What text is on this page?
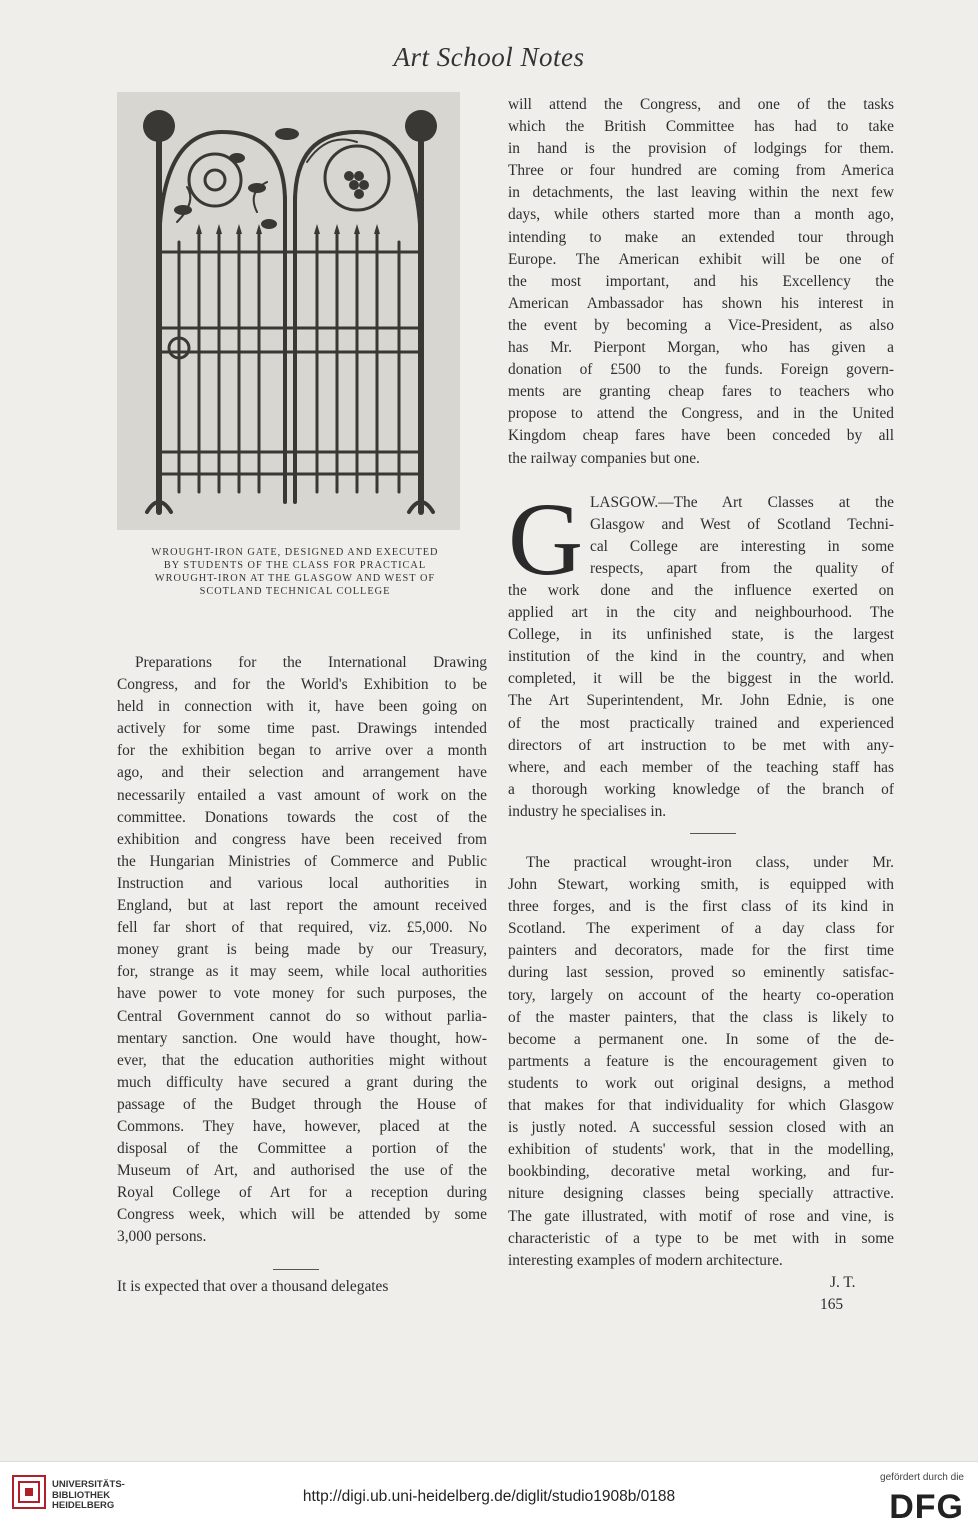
Art School Notes
WROUGHT-IRON GATE, DESIGNED AND EXECUTED
BY STUDENTS OF THE CLASS FOR PRACTICAL
WROUGHT-IRON AT THE GLASGOW AND WEST OF
SCOTLAND TECHNICAL COLLEGE
Preparations for the International Drawing
Congress, and for the World's Exhibition to be
held in connection with it, have been going on
actively for some time past. Drawings intended
for the exhibition began to arrive over a month
ago, and their selection and arrangement have
necessarily entailed a vast amount of work on the
committee. Donations towards the cost of the
exhibition and congress have been received from
the Hungarian Ministries of Commerce and Public
Instruction and various local authorities in
England, but at last report the amount received
fell far short of that required, viz. £5,000. No
money grant is being made by our Treasury,
for, strange as it may seem, while local authorities
have power to vote money for such purposes, the
Central Government cannot do so without parlia-
mentary sanction. One would have thought, how-
ever, that the education authorities might without
much difficulty have secured a grant during the
passage of the Budget through the House of
Commons. They have, however, placed at the
disposal of the Committee a portion of the
Museum of Art, and authorised the use of the
Royal College of Art for a reception during
Congress week, which will be attended by some
3,000 persons.
It is expected that over a thousand delegates
will attend the Congress, and one of the tasks
which the British Committee has had to take
in hand is the provision of lodgings for them.
Three or four hundred are coming from America
in detachments, the last leaving within the next few
days, while others started more than a month ago,
intending to make an extended tour through
Europe. The American exhibit will be one of
the most important, and his Excellency the
American Ambassador has shown his interest in
the event by becoming a Vice-President, as also
has Mr. Pierpont Morgan, who has given a
donation of £500 to the funds. Foreign govern-
ments are granting cheap fares to teachers who
propose to attend the Congress, and in the United
Kingdom cheap fares have been conceded by all
the railway companies but one.
G LASGOW.—The Art Classes at the
Glasgow and West of Scotland Techni-
cal College are interesting in some
respects, apart from the quality of
the work done and the influence exerted on
applied art in the city and neighbourhood. The
College, in its unfinished state, is the largest
institution of the kind in the country, and when
completed, it will be the biggest in the world.
The Art Superintendent, Mr. John Ednie, is one
of the most practically trained and experienced
directors of art instruction to be met with any-
where, and each member of the teaching staff has
a thorough working knowledge of the branch of
industry he specialises in.
The practical wrought-iron class, under Mr.
John Stewart, working smith, is equipped with
three forges, and is the first class of its kind in
Scotland. The experiment of a day class for
painters and decorators, made for the first time
during last session, proved so eminently satisfac-
tory, largely on account of the hearty co-operation
of the master painters, that the class is likely to
become a permanent one. In some of the de-
partments a feature is the encouragement given to
students to work out original designs, a method
that makes for that individuality for which Glasgow
is justly noted. A successful session closed with an
exhibition of students' work, that in the modelling,
bookbinding, decorative metal working, and fur-
niture designing classes being specially attractive.
The gate illustrated, with motif of rose and vine, is
characteristic of a type to be met with in some
interesting examples of modern architecture.
J. T.
165
UNIVERSITÄTS-
BIBLIOTHEK
HEIDELBERG
http://digi.ub.uni-heidelberg.de/diglit/studio1908b/0188
gefördert durch die
DFG
